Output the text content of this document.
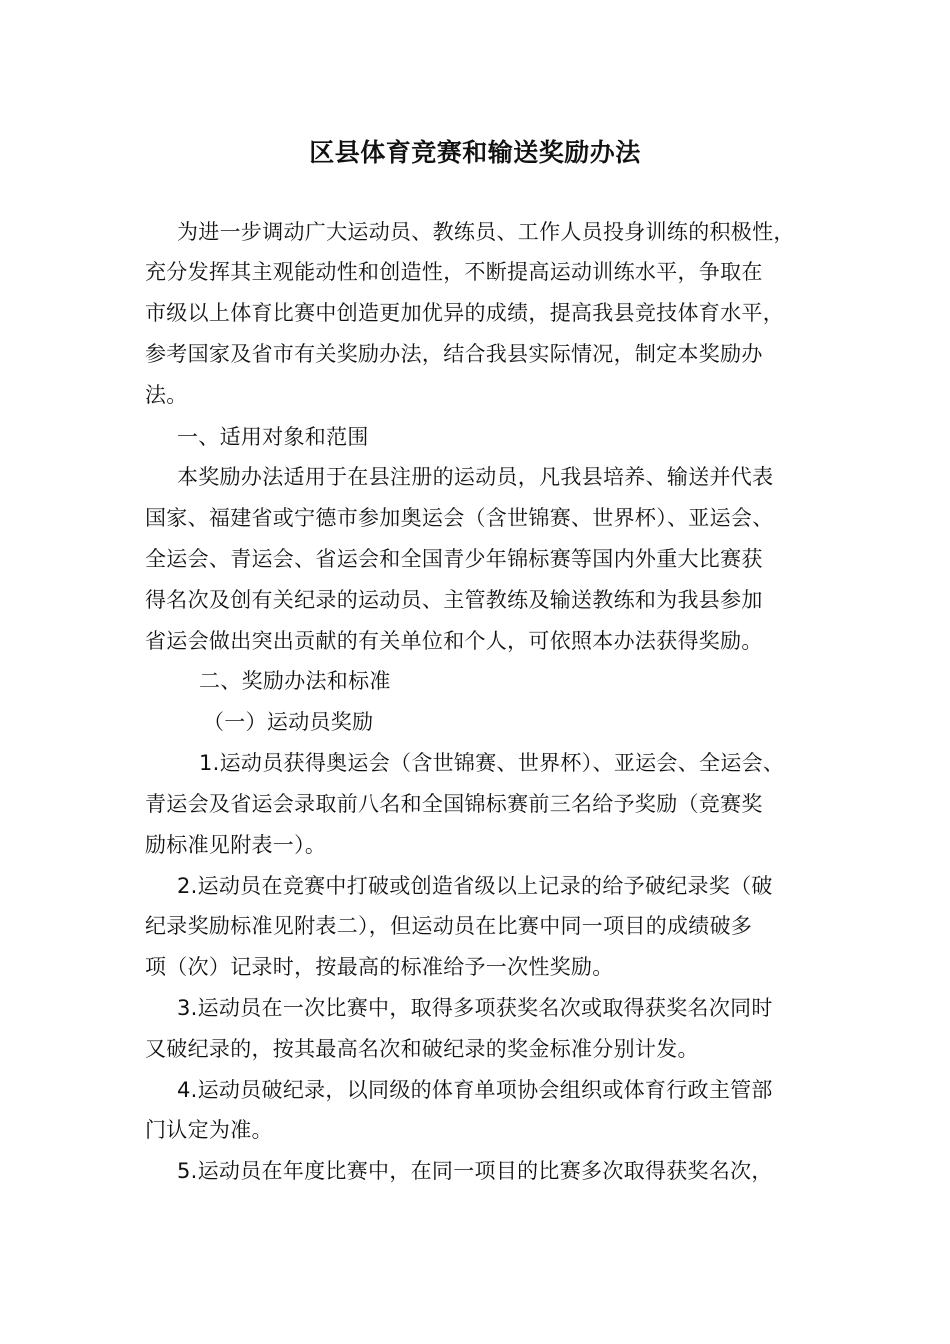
区县体育竞赛和输送奖励办法
为进一步调动广大运动员、教练员、工作人员投身训练的积极性，
充分发挥其主观能动性和创造性，不断提高运动训练水平，争取在
市级以上体育比赛中创造更加优异的成绩，提高我县竞技体育水平，
参考国家及省市有关奖励办法，结合我县实际情况，制定本奖励办
法。
一、适用对象和范围
本奖励办法适用于在县注册的运动员，凡我县培养、输送并代表
国家、福建省或宁德市参加奥运会（含世锦赛、世界杯）、亚运会、
全运会、青运会、省运会和全国青少年锦标赛等国内外重大比赛获
得名次及创有关纪录的运动员、主管教练及输送教练和为我县参加
省运会做出突出贡献的有关单位和个人，可依照本办法获得奖励。
二、奖励办法和标准
（一）运动员奖励
1.运动员获得奥运会（含世锦赛、世界杯）、亚运会、全运会、
青运会及省运会录取前八名和全国锦标赛前三名给予奖励（竞赛奖
励标准见附表一）。
2.运动员在竞赛中打破或创造省级以上记录的给予破纪录奖（破
纪录奖励标准见附表二），但运动员在比赛中同一项目的成绩破多
项（次）记录时，按最高的标准给予一次性奖励。
3.运动员在一次比赛中，取得多项获奖名次或取得获奖名次同时
又破纪录的，按其最高名次和破纪录的奖金标准分别计发。
4.运动员破纪录，以同级的体育单项协会组织或体育行政主管部
门认定为准。
5.运动员在年度比赛中，在同一项目的比赛多次取得获奖名次，
